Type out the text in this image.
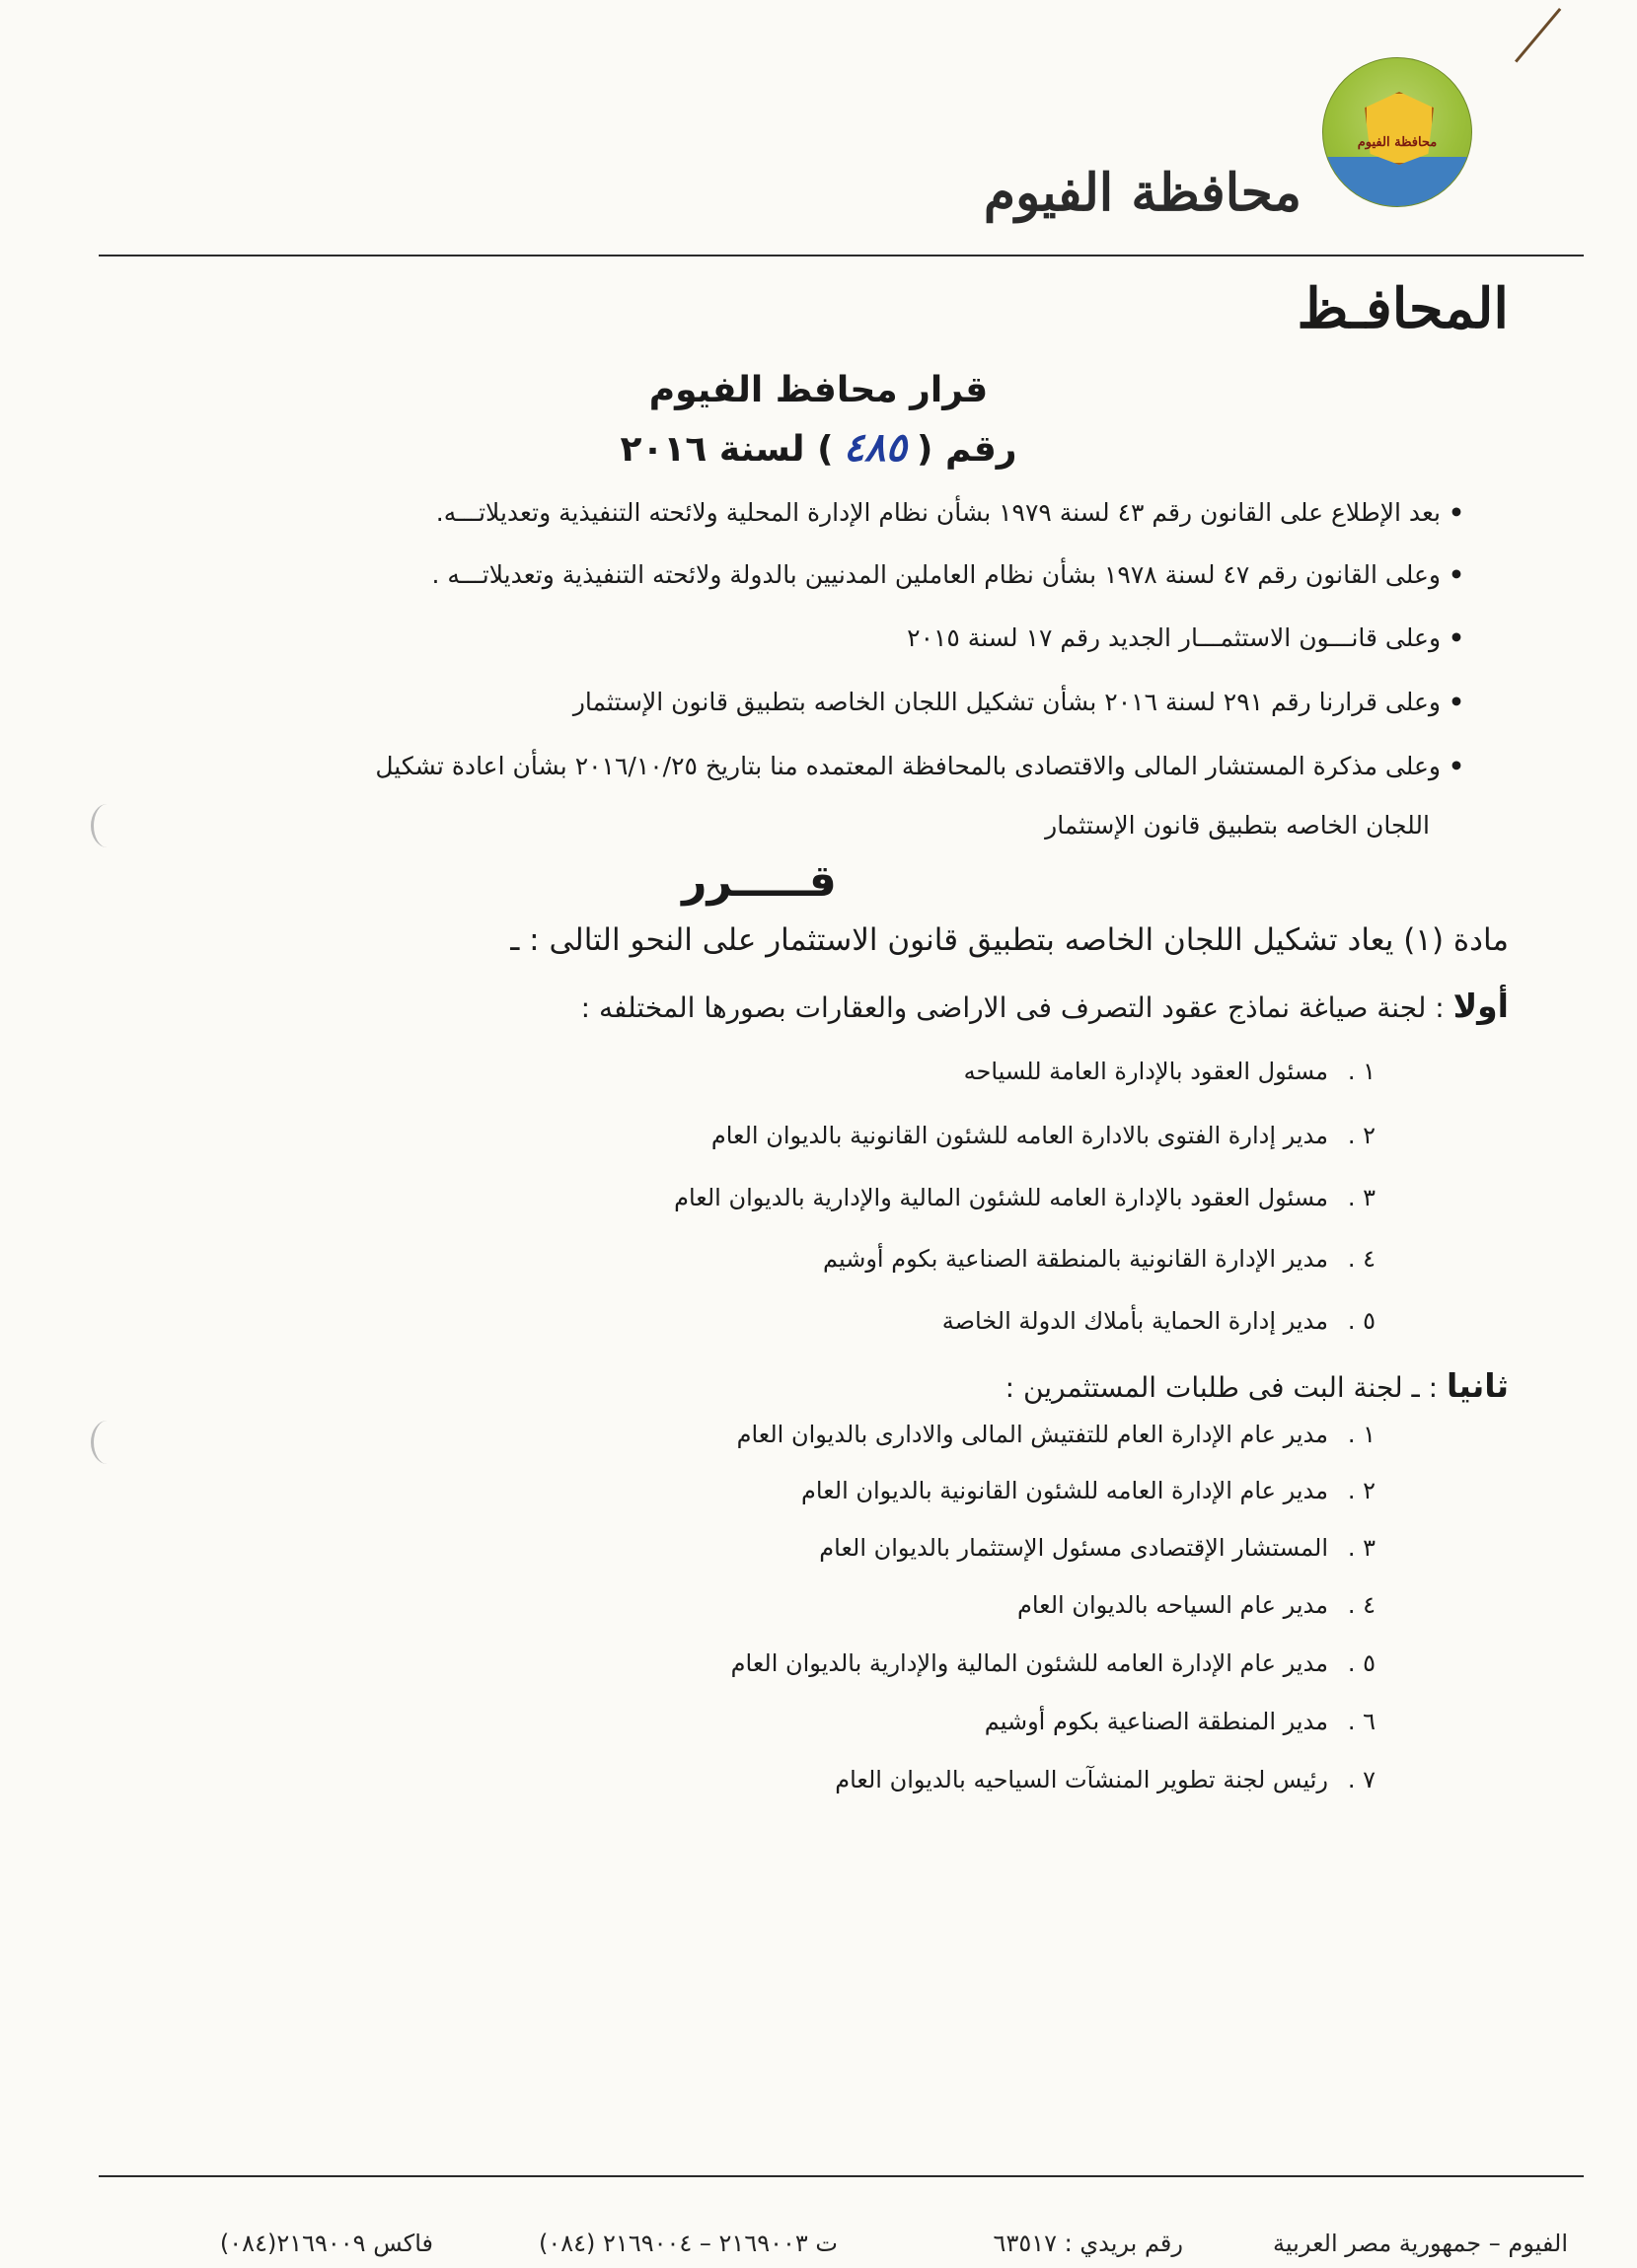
محافظة الفيوم
محافظة الفيوم
المحافـظ
قرار محافظ الفيوم
رقم (٤٨٥) لسنة ٢٠١٦
•بعد الإطلاع على القانون رقم ٤٣ لسنة ١٩٧٩ بشأن نظام الإدارة المحلية ولائحته التنفيذية وتعديلاتـــه.
•وعلى القانون رقم ٤٧ لسنة ١٩٧٨ بشأن نظام العاملين المدنيين بالدولة ولائحته التنفيذية وتعديلاتـــه .
•وعلى قانـــون الاستثمـــار الجديد رقم ١٧ لسنة ٢٠١٥
•وعلى قرارنا رقم ٢٩١ لسنة ٢٠١٦ بشأن تشكيل اللجان الخاصه بتطبيق قانون الإستثمار
•وعلى مذكرة المستشار المالى والاقتصادى بالمحافظة المعتمده منا بتاريخ ٢٠١٦/١٠/٢٥ بشأن اعادة تشكيل
اللجان الخاصه بتطبيق قانون الإستثمار
قـــــرر
مادة (١) يعاد تشكيل اللجان الخاصه بتطبيق قانون الاستثمار على النحو التالى : ـ
أولا : لجنة صياغة نماذج عقود التصرف فى الاراضى والعقارات بصورها المختلفه :
١ .مسئول العقود بالإدارة العامة للسياحه
٢ .مدير إدارة الفتوى بالادارة العامه للشئون القانونية بالديوان العام
٣ .مسئول العقود بالإدارة العامه للشئون المالية والإدارية بالديوان العام
٤ .مدير الإدارة القانونية بالمنطقة الصناعية بكوم أوشيم
٥ .مدير إدارة الحماية بأملاك الدولة الخاصة
ثانيا : ـ لجنة البت فى طلبات المستثمرين :
١ .مدير عام الإدارة العام للتفتيش المالى والادارى بالديوان العام
٢ .مدير عام الإدارة العامه للشئون القانونية بالديوان العام
٣ .المستشار الإقتصادى مسئول الإستثمار بالديوان العام
٤ .مدير عام السياحه بالديوان العام
٥ .مدير عام الإدارة العامه للشئون المالية والإدارية بالديوان العام
٦ .مدير المنطقة الصناعية بكوم أوشيم
٧ .رئيس لجنة تطوير المنشآت السياحيه بالديوان العام
الفيوم – جمهورية مصر العربية
رقم بريدي : ٦٣٥١٧
ت ٢١٦٩٠٠٣ – ٢١٦٩٠٠٤ (٠٨٤)
فاكس ٢١٦٩٠٠٩(٠٨٤)
